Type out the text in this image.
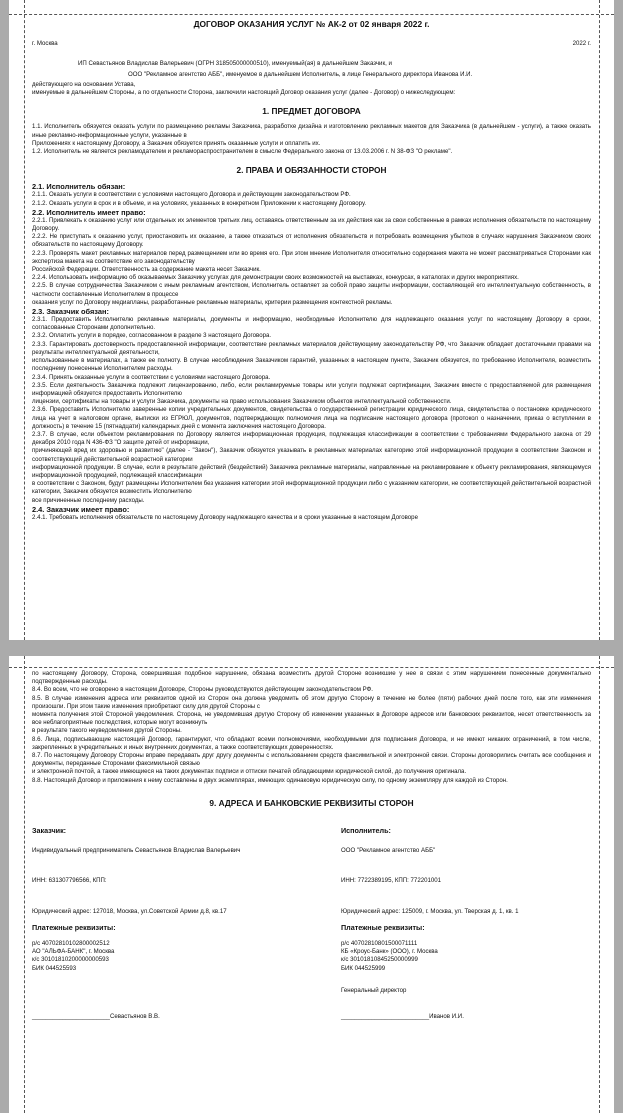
ДОГОВОР ОКАЗАНИЯ УСЛУГ № АК-2 от 02 января 2022 г.
г. Москва	2022 г.
ИП Севастьянов Владислав Валерьевич (ОГРН 318505000000510), именуемый(ая) в дальнейшем Заказчик, и
ООО "Рекламное агентство АББ", именуемое в дальнейшем Исполнитель, в лице Генерального директора Иванова И.И.
действующего на основании Устава,
именуемые в дальнейшем Стороны, а по отдельности Сторона, заключили настоящий Договор оказания услуг (далее - Договор) о нижеследующем:
1. ПРЕДМЕТ ДОГОВОРА
1.1. Исполнитель обязуется оказать услуги по размещению рекламы Заказчика, разработке дизайна и изготовлению рекламных макетов для Заказчика (в дальнейшем - услуги), а также оказать иные рекламно-информационные услуги, указанные в
Приложениях к настоящему Договору, а Заказчик обязуется принять оказанные услуги и оплатить их.
1.2. Исполнитель не является рекламодателем и рекламораспространителем в смысле Федерального закона от 13.03.2006 г. N 38-ФЗ "О рекламе".
2. ПРАВА И ОБЯЗАННОСТИ СТОРОН
2.1. Исполнитель обязан:
2.1.1. Оказать услуги в соответствии с условиями настоящего Договора и действующим законодательством РФ.
2.1.2. Оказать услуги в срок и в объеме, и на условиях, указанных в конкретном Приложении к настоящему Договору.
2.2. Исполнитель имеет право:
2.2.1. Привлекать к оказанию услуг или отдельных их элементов третьих лиц, оставаясь ответственным за их действия как за свои собственные в рамках исполнения обязательств по настоящему Договору.
2.2.2. Не приступать к оказанию услуг, приостановить их оказание, а также отказаться от исполнения обязательств и потребовать возмещения убытков в случаях нарушения Заказчиком своих обязательств по настоящему Договору.
2.2.3. Проверять макет рекламных материалов перед размещением или во время его. При этом мнение Исполнителя относительно содержания макета не может рассматриваться Сторонами как экспертиза макета на соответствие его законодательству
Российской Федерации. Ответственность за содержание макета несет Заказчик.
2.2.4. Использовать информацию об оказываемых Заказчику услугах для демонстрации своих возможностей на выставках, конкурсах, в каталогах и других мероприятиях.
2.2.5. В случае сотрудничества Заказчиком с иным рекламным агентством, Исполнитель оставляет за собой право защиты информации, составляющей его интеллектуальную собственность, в частности составленные Исполнителем в процессе
оказания услуг по Договору медиапланы, разработанные рекламные материалы, критерии размещения контекстной рекламы.
2.3. Заказчик обязан:
2.3.1. Предоставить Исполнителю рекламные материалы, документы и информацию, необходимые Исполнителю для надлежащего оказания услуг по настоящему Договору в сроки, согласованные Сторонами дополнительно.
2.3.2. Оплатить услуги в порядке, согласованном в разделе 3 настоящего Договора.
2.3.3. Гарантировать достоверность предоставленной информации, соответствие рекламных материалов действующему законодательству РФ, что Заказчик обладает достаточными правами на результаты интеллектуальной деятельности,
использованные в материалах, а также ее полноту. В случае несоблюдения Заказчиком гарантий, указанных в настоящем пункте, Заказчик обязуется, по требованию Исполнителя, возместить последнему понесенные Исполнителем расходы.
2.3.4. Принять оказанные услуги в соответствии с условиями настоящего Договора.
2.3.5. Если деятельность Заказчика подлежит лицензированию, либо, если рекламируемые товары или услуги подлежат сертификации, Заказчик вместе с предоставляемой для размещения информацией обязуется предоставить Исполнителю
лицензии, сертификаты на товары и услуги Заказчика, документы на право использования Заказчиком объектов интеллектуальной собственности.
2.3.6. Предоставить Исполнителю заверенные копии учредительных документов, свидетельства о государственной регистрации юридического лица, свидетельства о постановке юридического лица на учет в налоговом органе, выписки из ЕГРЮЛ, документов, подтверждающих полномочия лица на подписание настоящего договора (протокол о назначении, приказ о вступлении в должность) в течение 15 (пятнадцати) календарных дней с момента заключения настоящего Договора.
2.3.7. В случае, если объектом рекламирования по Договору является информационная продукция, подлежащая классификации в соответствии с требованиями Федерального закона от 29 декабря 2010 года N 436-ФЗ "О защите детей от информации,
причиняющей вред их здоровью и развитию" (далее - "Закон"), Заказчик обязуется указывать в рекламных материалах категорию этой информационной продукции в соответствии Законом и соответствующий действительной возрастной категории
информационной продукции. В случае, если в результате действий (бездействий) Заказчика рекламные материалы, направленные на рекламирование к объекту рекламирования, являющемуся информационной продукцией, подлежащей классификации
в соответствии с Законом, будут размещены Исполнителем без указания категории этой информационной продукции либо с указанием категории, не соответствующей действительной возрастной категории, Заказчик обязуется возместить Исполнителю
все причиненные последнему расходы.
2.4. Заказчик имеет право:
2.4.1. Требовать исполнения обязательств по настоящему Договору надлежащего качества и в сроки указанные в настоящем Договоре
по настоящему Договору, Сторона, совершившая подобное нарушение, обязана возместить другой Стороне возникшие у нее в связи с этим нарушением понесенные документально подтвержденные расходы.
8.4. Во всем, что не оговорено в настоящем Договоре, Стороны руководствуются действующим законодательством РФ.
8.5. В случае изменения адреса или реквизитов одной из Сторон она должна уведомить об этом другую Сторону в течение не более (пяти) рабочих дней после того, как эти изменения произошли. При этом такие изменения приобретают силу для другой Стороны с
момента получения этой Стороной уведомления. Сторона, не уведомившая другую Сторону об изменении указанных в Договоре адресов или банковских реквизитов, несет ответственность за все неблагоприятные последствия, которые могут возникнуть
в результате такого неуведомления другой Стороны.
8.6. Лица, подписывающие настоящий Договор, гарантируют, что обладают всеми полномочиями, необходимыми для подписания Договора, и не имеют никаких ограничений, в том числе, закрепленных в учредительных и иных внутренних документах, а также соответствующих доверенностях.
8.7. По настоящему Договору Стороны вправе передавать друг другу документы с использованием средств факсимильной и электронной связи. Стороны договорились считать все сообщения и документы, переданные Сторонами факсимильной связью
и электронной почтой, а также имеющиеся на таких документах подписи и оттиски печатей обладающими юридической силой, до получения оригинала.
8.8. Настоящий Договор и приложения к нему составлены в двух экземплярах, имеющих одинаковую юридическую силу, по одному экземпляру для каждой из Сторон.
9. АДРЕСА И БАНКОВСКИЕ РЕКВИЗИТЫ СТОРОН
Заказчик:
Индивидуальный предприниматель Севастьянов Владислав Валерьевич
ИНН: 631307796566, КПП:
Юридический адрес: 127018, Москва, ул.Советской Армии д.8, кв.17
Платежные реквизиты:
р/с 40702810102800002512
АО "АЛЬФА-БАНК", г. Москва
к/с 30101810200000000593
БИК 044525593
Исполнитель:
ООО "Рекламное агентство АББ"
ИНН: 7722389195, КПП: 772201001
Юридический адрес: 125009, г. Москва, ул. Тверская д. 1, кв. 1
Платежные реквизиты:
р/с 40702810801500071111
КБ «Кроус-Банк» (ООО), г. Москва
к/с 30101810845250000999
БИК 044525999
Генеральный директор
_______________________Севастьянов В.В.	__________________________Иванов И.И.
